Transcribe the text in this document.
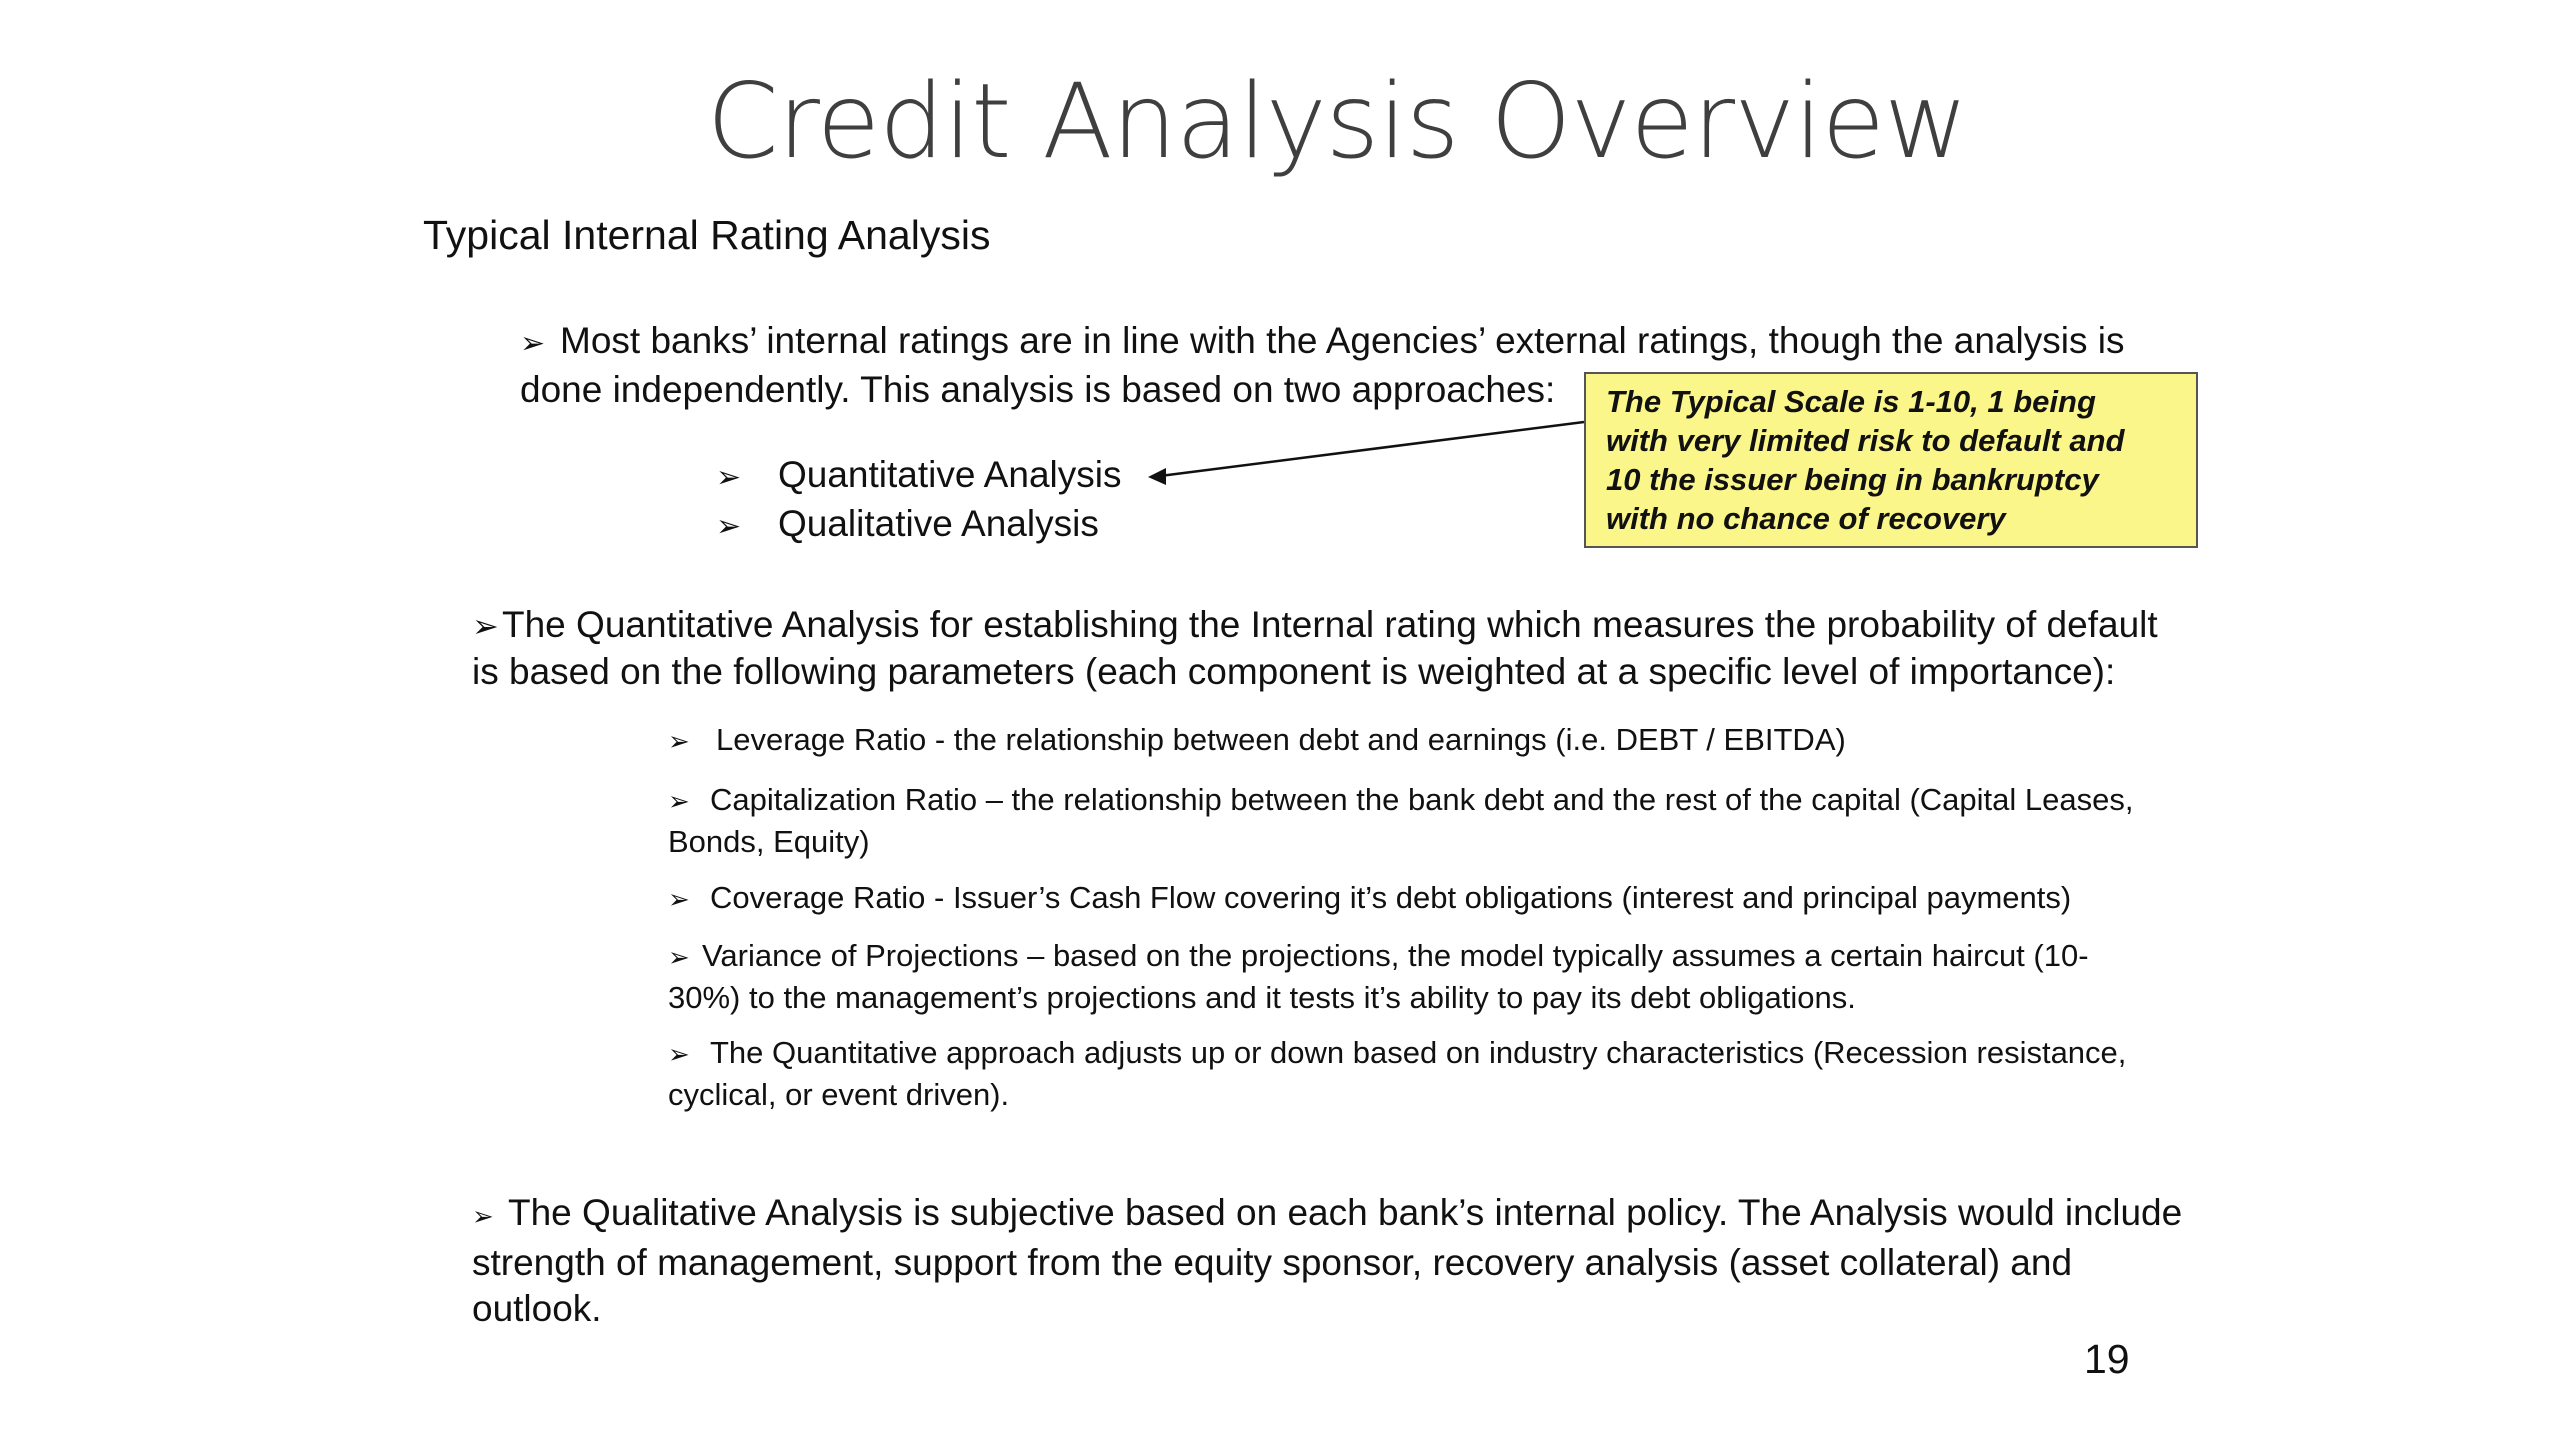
Credit Analysis Overview
Typical Internal Rating Analysis
➢ Most banks’ internal ratings are in line with the Agencies’ external ratings, though the analysis is
done independently. This analysis is based on two approaches:
➢ Quantitative Analysis
➢ Qualitative Analysis
The Typical Scale is 1-10, 1 being
with very limited risk to default and
10 the issuer being in bankruptcy
with no chance of recovery
➢The Quantitative Analysis for establishing the Internal rating which measures the probability of default
is based on the following parameters (each component is weighted at a specific level of importance):
➢ Leverage Ratio - the relationship between debt and earnings (i.e. DEBT / EBITDA)
➢ Capitalization Ratio – the relationship between the bank debt and the rest of the capital (Capital Leases,
Bonds, Equity)
➢ Coverage Ratio - Issuer’s Cash Flow covering it’s debt obligations (interest and principal payments)
➢ Variance of Projections – based on the projections, the model typically assumes a certain haircut (10-
30%) to the management’s projections and it tests it’s ability to pay its debt obligations.
➢ The Quantitative approach adjusts up or down based on industry characteristics (Recession resistance,
cyclical, or event driven).
➢ The Qualitative Analysis is subjective based on each bank’s internal policy. The Analysis would include
strength of management, support from the equity sponsor, recovery analysis (asset collateral) and
outlook.
19
